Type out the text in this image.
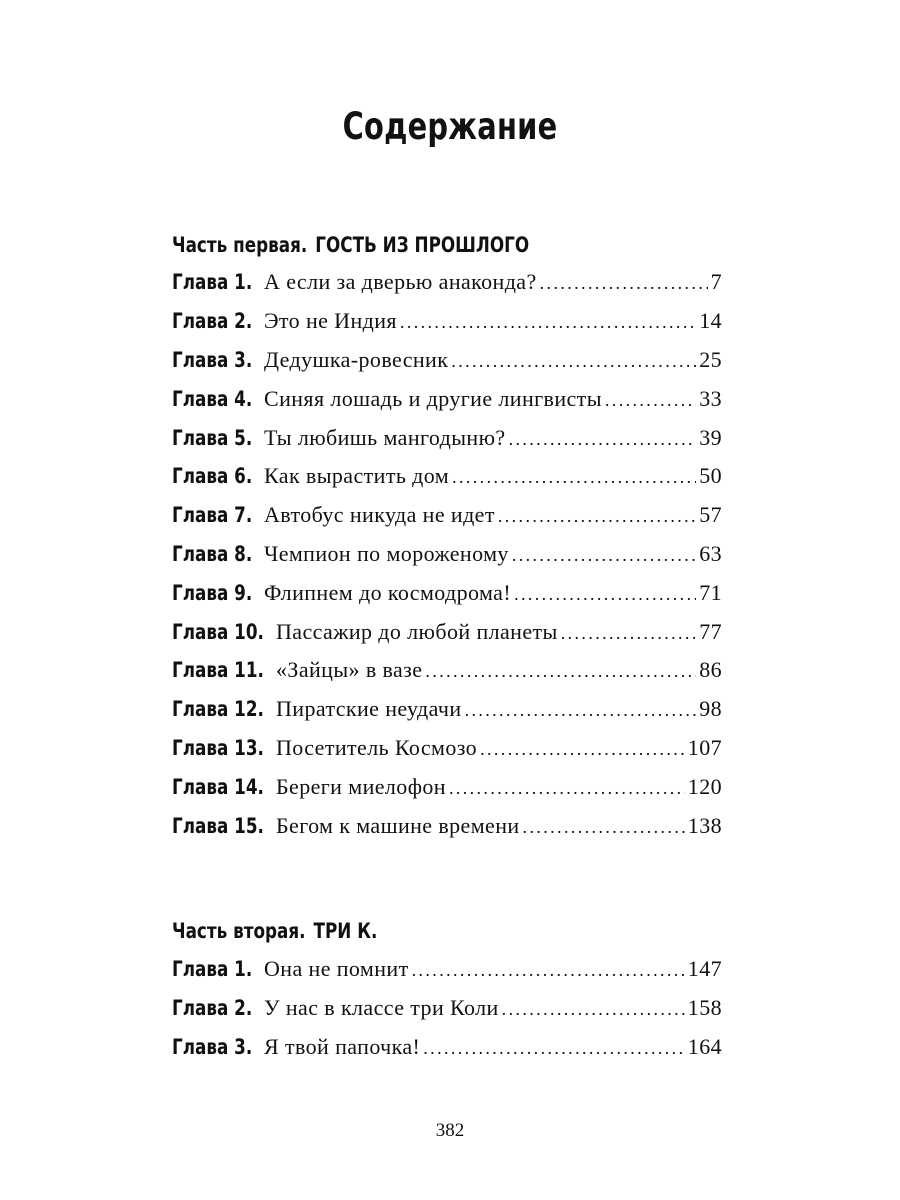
Содержание
Часть первая. ГОСТЬ ИЗ ПРОШЛОГО
Глава 1. А если за дверью анаконда? .....	7
Глава 2. Это не Индия .....	14
Глава 3. Дедушка-ровесник .....	25
Глава 4. Синяя лошадь и другие лингвисты .....	33
Глава 5. Ты любишь мангодыню? .....	39
Глава 6. Как вырастить дом .....	50
Глава 7. Автобус никуда не идет .....	57
Глава 8. Чемпион по мороженому .....	63
Глава 9. Флипнем до космодрома! .....	71
Глава 10. Пассажир до любой планеты .....	77
Глава 11. «Зайцы» в вазе .....	86
Глава 12. Пиратские неудачи .....	98
Глава 13. Посетитель Космозо .....	107
Глава 14. Береги миелофон .....	120
Глава 15. Бегом к машине времени .....	138
Часть вторая. ТРИ К.
Глава 1. Она не помнит .....	147
Глава 2. У нас в классе три Коли .....	158
Глава 3. Я твой папочка! .....	164
382
